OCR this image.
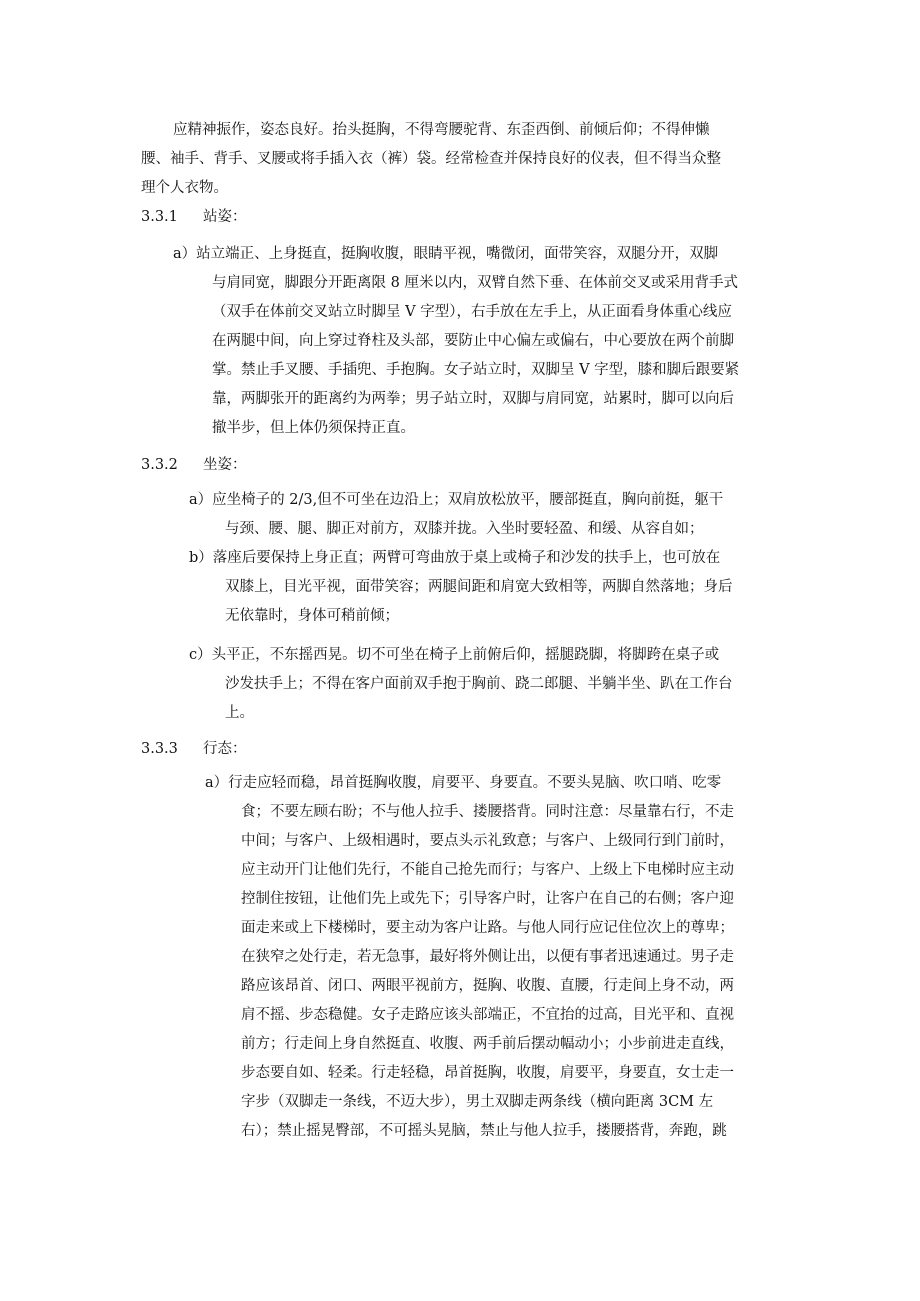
应精神振作，姿态良好。抬头挺胸，不得弯腰驼背、东歪西倒、前倾后仰；不得伸懒
腰、袖手、背手、叉腰或将手插入衣（裤）袋。经常检查并保持良好的仪表，但不得当众整
理个人衣物。
3.3.1 站姿：
a）站立端正、上身挺直，挺胸收腹，眼睛平视，嘴微闭，面带笑容，双腿分开，双脚
与肩同宽，脚跟分开距离限 8 厘米以内，双臂自然下垂、在体前交叉或采用背手式
（双手在体前交叉站立时脚呈 V 字型），右手放在左手上，从正面看身体重心线应
在两腿中间，向上穿过脊柱及头部，要防止中心偏左或偏右，中心要放在两个前脚
掌。禁止手叉腰、手插兜、手抱胸。女子站立时，双脚呈 V 字型，膝和脚后跟要紧
靠，两脚张开的距离约为两拳；男子站立时，双脚与肩同宽，站累时，脚可以向后
撤半步，但上体仍须保持正直。
3.3.2 坐姿：
a）应坐椅子的 2/3,但不可坐在边沿上；双肩放松放平，腰部挺直，胸向前挺，躯干
与颈、腰、腿、脚正对前方，双膝并拢。入坐时要轻盈、和缓、从容自如；
b）落座后要保持上身正直；两臂可弯曲放于桌上或椅子和沙发的扶手上，也可放在
双膝上，目光平视，面带笑容；两腿间距和肩宽大致相等，两脚自然落地；身后
无依靠时，身体可稍前倾；
c）头平正，不东摇西晃。切不可坐在椅子上前俯后仰，摇腿跷脚，将脚跨在桌子或
沙发扶手上；不得在客户面前双手抱于胸前、跷二郎腿、半躺半坐、趴在工作台
上。
3.3.3 行态：
a）行走应轻而稳，昂首挺胸收腹，肩要平、身要直。不要头晃脑、吹口哨、吃零
食；不要左顾右盼；不与他人拉手、搂腰搭背。同时注意：尽量靠右行，不走
中间；与客户、上级相遇时，要点头示礼致意；与客户、上级同行到门前时，
应主动开门让他们先行，不能自己抢先而行；与客户、上级上下电梯时应主动
控制住按钮，让他们先上或先下；引导客户时，让客户在自己的右侧；客户迎
面走来或上下楼梯时，要主动为客户让路。与他人同行应记住位次上的尊卑；
在狭窄之处行走，若无急事，最好将外侧让出，以便有事者迅速通过。男子走
路应该昂首、闭口、两眼平视前方，挺胸、收腹、直腰，行走间上身不动，两
肩不摇、步态稳健。女子走路应该头部端正，不宜抬的过高，目光平和、直视
前方；行走间上身自然挺直、收腹、两手前后摆动幅动小；小步前进走直线，
步态要自如、轻柔。行走轻稳，昂首挺胸，收腹，肩要平，身要直，女士走一
字步（双脚走一条线，不迈大步），男土双脚走两条线（横向距离 3CM 左
右）；禁止摇晃臀部，不可摇头晃脑，禁止与他人拉手，搂腰搭背，奔跑，跳
